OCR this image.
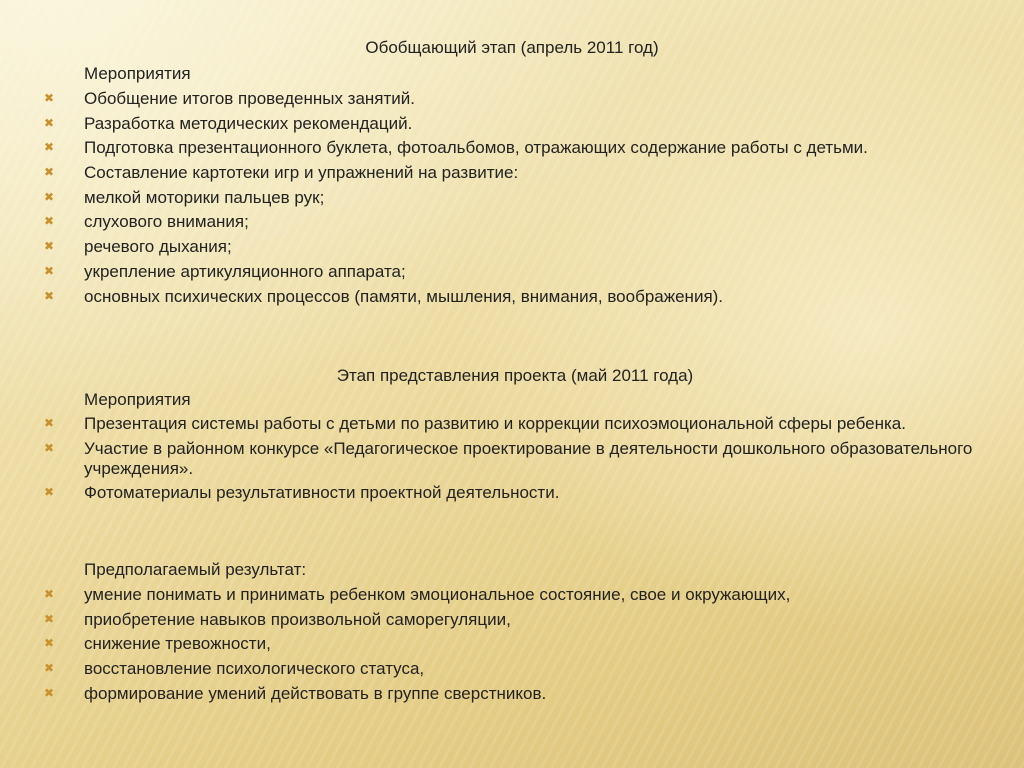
Обобщающий этап (апрель 2011 год)
Мероприятия
✖ Обобщение итогов проведенных занятий.
✖ Разработка методических рекомендаций.
✖ Подготовка презентационного буклета, фотоальбомов, отражающих содержание работы с детьми.
✖ Составление картотеки игр и упражнений на развитие:
✖ мелкой моторики пальцев рук;
✖ слухового внимания;
✖ речевого дыхания;
✖ укрепление артикуляционного аппарата;
✖ основных психических процессов (памяти, мышления, внимания, воображения).
Этап представления проекта (май 2011 года)
Мероприятия
✖ Презентация системы работы с детьми по развитию и коррекции психоэмоциональной сферы ребенка.
✖ Участие в районном конкурсе «Педагогическое проектирование в деятельности дошкольного образовательного учреждения».
✖ Фотоматериалы результативности проектной деятельности.
Предполагаемый результат:
✖ умение понимать и принимать ребенком эмоциональное состояние, свое и окружающих,
✖ приобретение навыков произвольной саморегуляции,
✖ снижение тревожности,
✖ восстановление психологического статуса,
✖ формирование умений действовать в группе сверстников.
